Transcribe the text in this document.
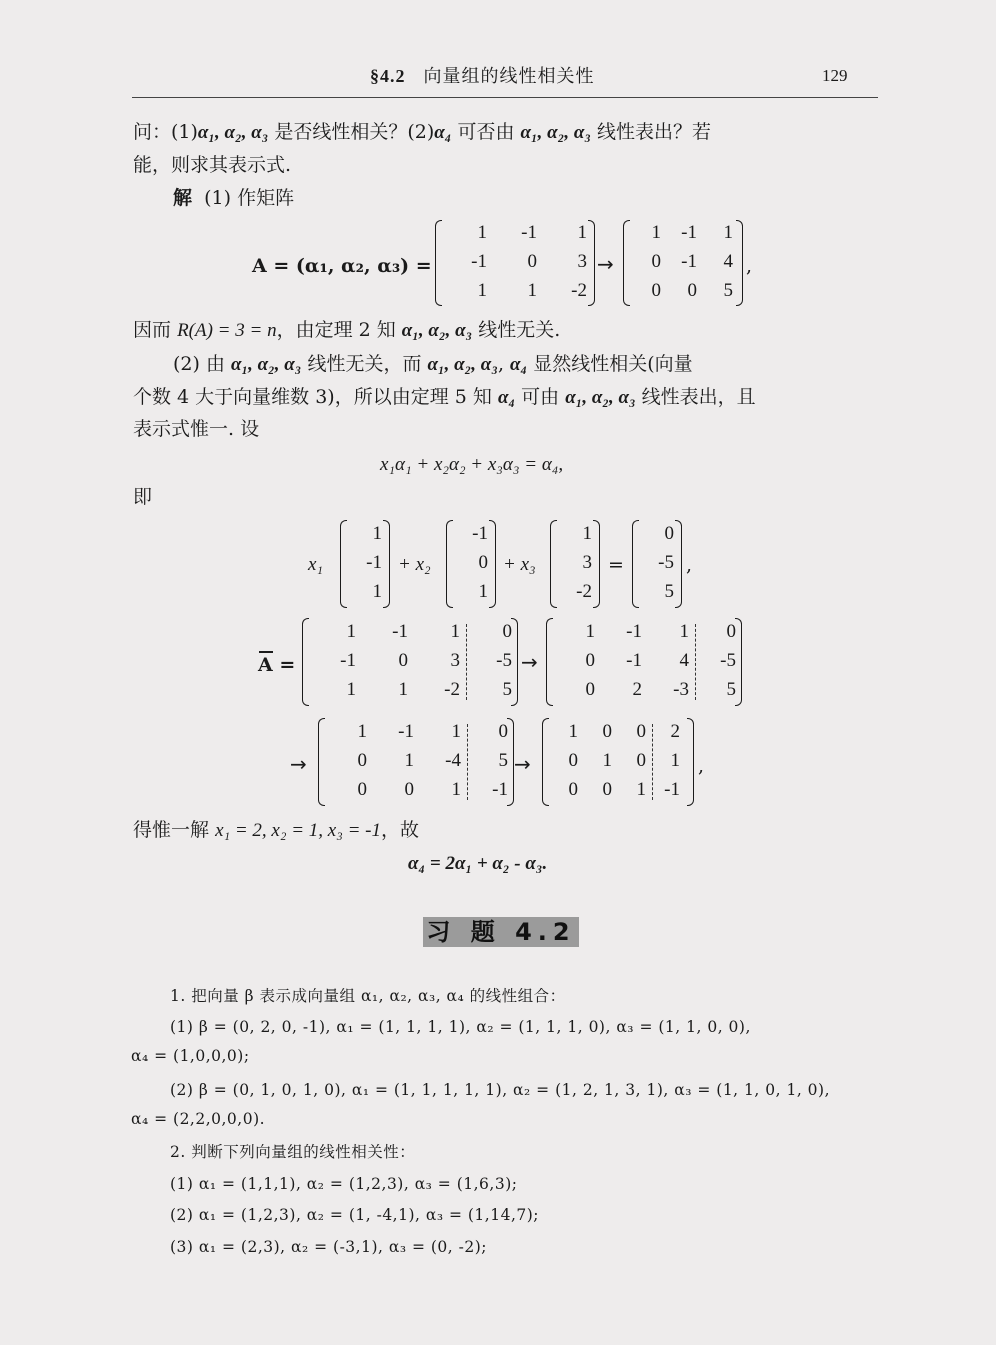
§4.2 向量组的线性相关性	129
问：(1)α₁, α₂, α₃ 是否线性相关？(2)α₄ 可否由 α₁, α₂, α₃ 线性表出？若
能，则求其表示式.
解 (1) 作矩阵
A = (α₁, α₂, α₃) =
1	-1	1
-1	0	3
1	1	-2
→
1	-1	1
0	-1	4
0	0	5
,
因而 R(A) = 3 = n，由定理 2 知 α₁, α₂, α₃ 线性无关.
(2) 由 α₁, α₂, α₃ 线性无关，而 α₁, α₂, α₃, α₄ 显然线性相关(向量
个数 4 大于向量维数 3)，所以由定理 5 知 α₄ 可由 α₁, α₂, α₃ 线性表出，且
表示式惟一. 设
x₁α₁ + x₂α₂ + x₃α₃ = α₄,
即
x₁
1
-1
1
+ x₂
-1
0
1
+ x₃
1
3
-2
=
0
-5
5
,
A =
1	-1	1	0
-1	0	3	-5
1	1	-2	5
→
1	-1	1	0
0	-1	4	-5
0	2	-3	5
→
1	-1	1	0
0	1	-4	5
0	0	1	-1
→
1	0	0	2
0	1	0	1
0	0	1 -1
,
得惟一解 x₁ = 2, x₂ = 1, x₃ = -1，故
α₄ = 2α₁ + α₂ - α₃.
习 题 4.2
1. 把向量 β 表示成向量组 α₁, α₂, α₃, α₄ 的线性组合：
(1) β = (0, 2, 0, -1), α₁ = (1, 1, 1, 1), α₂ = (1, 1, 1, 0), α₃ = (1, 1, 0, 0),
α₄ = (1,0,0,0);
(2) β = (0, 1, 0, 1, 0), α₁ = (1, 1, 1, 1, 1), α₂ = (1, 2, 1, 3, 1), α₃ = (1, 1, 0, 1, 0),
α₄ = (2,2,0,0,0).
2. 判断下列向量组的线性相关性：
(1) α₁ = (1,1,1), α₂ = (1,2,3), α₃ = (1,6,3);
(2) α₁ = (1,2,3), α₂ = (1, -4,1), α₃ = (1,14,7);
(3) α₁ = (2,3), α₂ = (-3,1), α₃ = (0, -2);
